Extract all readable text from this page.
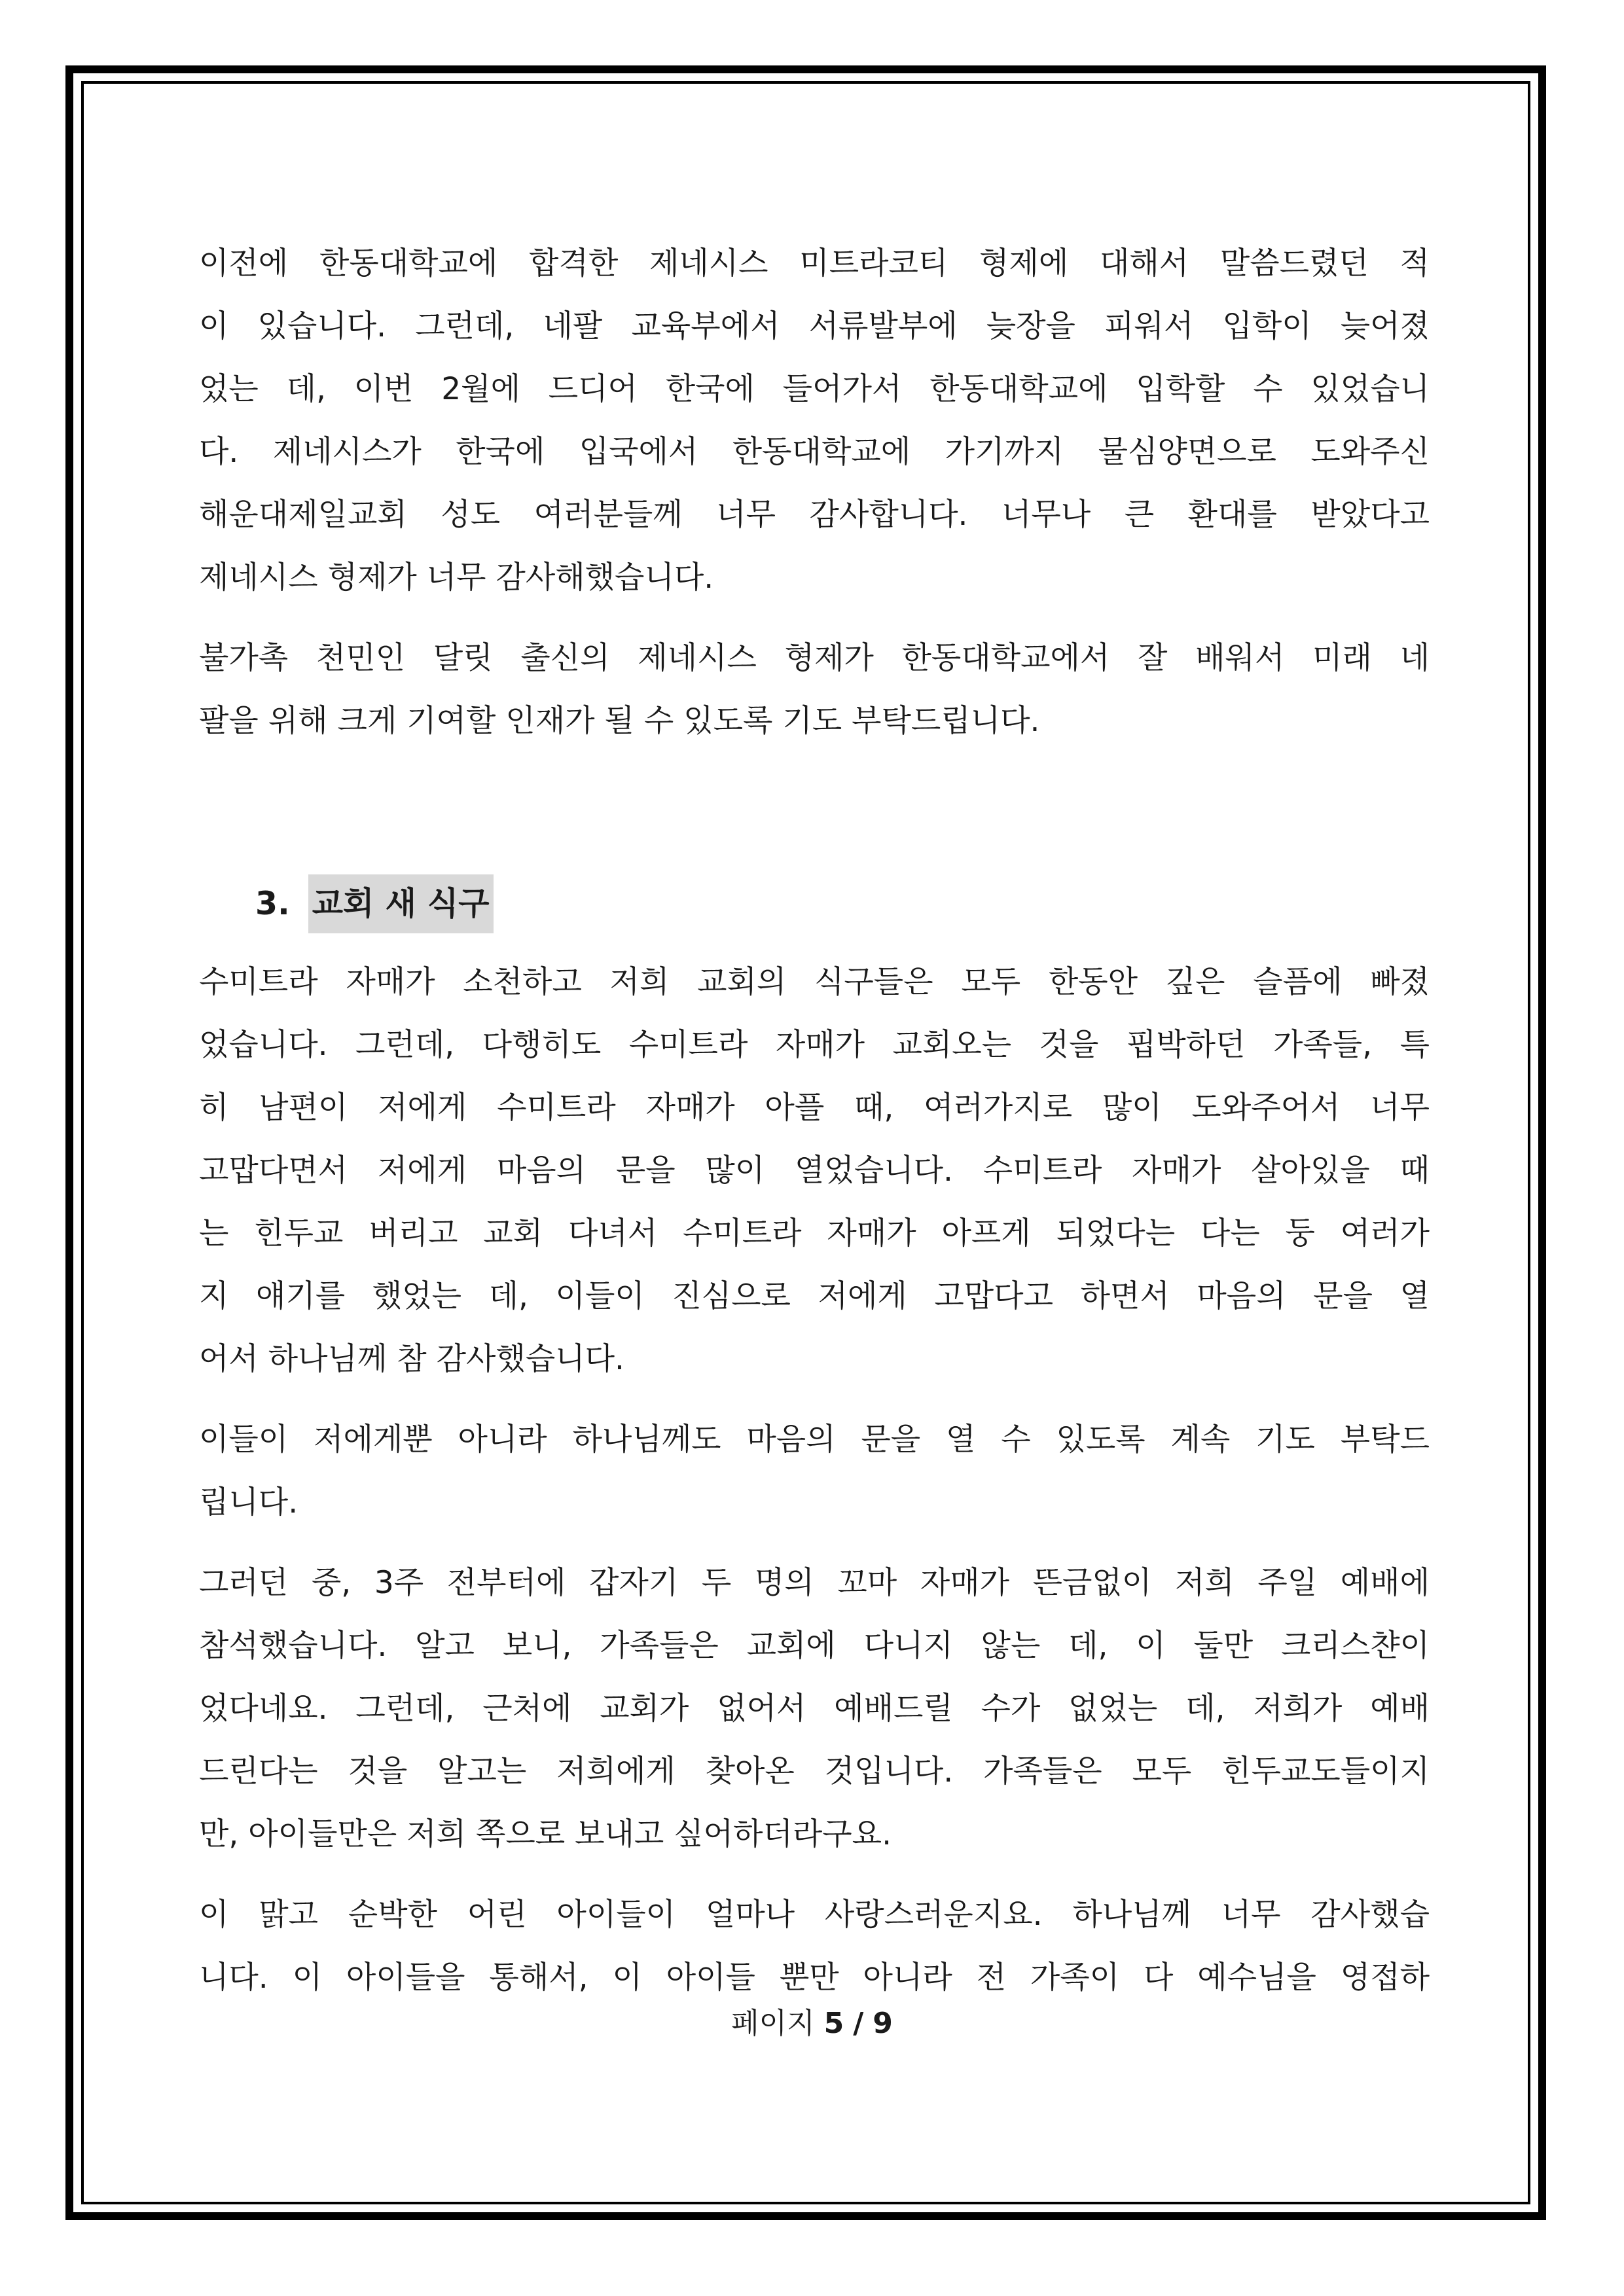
이전에 한동대학교에 합격한 제네시스 미트라코티 형제에 대해서 말씀드렸던 적
이 있습니다. 그런데, 네팔 교육부에서 서류발부에 늦장을 피워서 입학이 늦어졌
었는 데, 이번 2월에 드디어 한국에 들어가서 한동대학교에 입학할 수 있었습니
다. 제네시스가 한국에 입국에서 한동대학교에 가기까지 물심양면으로 도와주신
해운대제일교회 성도 여러분들께 너무 감사합니다. 너무나 큰 환대를 받았다고
제네시스 형제가 너무 감사해했습니다.
불가촉 천민인 달릿 출신의 제네시스 형제가 한동대학교에서 잘 배워서 미래 네
팔을 위해 크게 기여할 인재가 될 수 있도록 기도 부탁드립니다.
3. 교회 새 식구
수미트라 자매가 소천하고 저희 교회의 식구들은 모두 한동안 깊은 슬픔에 빠졌
었습니다. 그런데, 다행히도 수미트라 자매가 교회오는 것을 핍박하던 가족들, 특
히 남편이 저에게 수미트라 자매가 아플 때, 여러가지로 많이 도와주어서 너무
고맙다면서 저에게 마음의 문을 많이 열었습니다. 수미트라 자매가 살아있을 때
는 힌두교 버리고 교회 다녀서 수미트라 자매가 아프게 되었다는 다는 둥 여러가
지 얘기를 했었는 데, 이들이 진심으로 저에게 고맙다고 하면서 마음의 문을 열
어서 하나님께 참 감사했습니다.
이들이 저에게뿐 아니라 하나님께도 마음의 문을 열 수 있도록 계속 기도 부탁드
립니다.
그러던 중, 3주 전부터에 갑자기 두 명의 꼬마 자매가 뜬금없이 저희 주일 예배에
참석했습니다. 알고 보니, 가족들은 교회에 다니지 않는 데, 이 둘만 크리스챤이
었다네요. 그런데, 근처에 교회가 없어서 예배드릴 수가 없었는 데, 저희가 예배
드린다는 것을 알고는 저희에게 찾아온 것입니다. 가족들은 모두 힌두교도들이지
만, 아이들만은 저희 쪽으로 보내고 싶어하더라구요.
이 맑고 순박한 어린 아이들이 얼마나 사랑스러운지요. 하나님께 너무 감사했습
니다. 이 아이들을 통해서, 이 아이들 뿐만 아니라 전 가족이 다 예수님을 영접하
페이지 5 / 9
